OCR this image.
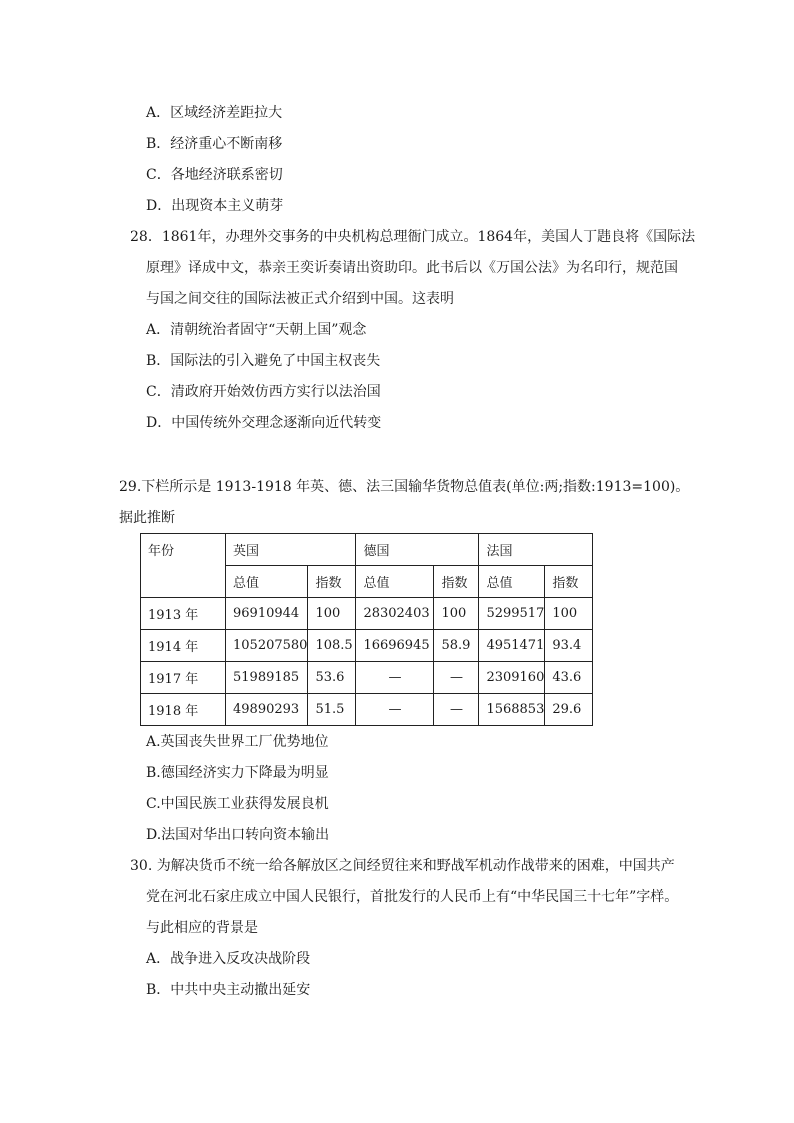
A．区域经济差距拉大
B．经济重心不断南移
C．各地经济联系密切
D．出现资本主义萌芽
28．1861年，办理外交事务的中央机构总理衙门成立。1864年，美国人丁韪良将《国际法
原理》译成中文，恭亲王奕䜣奏请出资助印。此书后以《万国公法》为名印行，规范国
与国之间交往的国际法被正式介绍到中国。这表明
A．清朝统治者固守“天朝上国”观念
B．国际法的引入避免了中国主权丧失
C．清政府开始效仿西方实行以法治国
D．中国传统外交理念逐渐向近代转变
29.下栏所示是 1913-1918 年英、德、法三国输华货物总值表(单位:两;指数:1913=100)。
据此推断
年份	英国		德国		法国	
	总值	指数	总值	指数	总值	指数
1913 年	96910944	100	28302403	100	5299517	100
1914 年	105207580	108.5	16696945	58.9	4951471	93.4
1917 年	51989185	53.6	—	—	2309160	43.6
1918 年	49890293	51.5	—	—	1568853	29.6
A.英国丧失世界工厂优势地位
B.德国经济实力下降最为明显
C.中国民族工业获得发展良机
D.法国对华出口转向资本输出
30. 为解决货币不统一给各解放区之间经贸往来和野战军机动作战带来的困难，中国共产
党在河北石家庄成立中国人民银行，首批发行的人民币上有“中华民国三十七年”字样。
与此相应的背景是
A．战争进入反攻决战阶段
B．中共中央主动撤出延安
